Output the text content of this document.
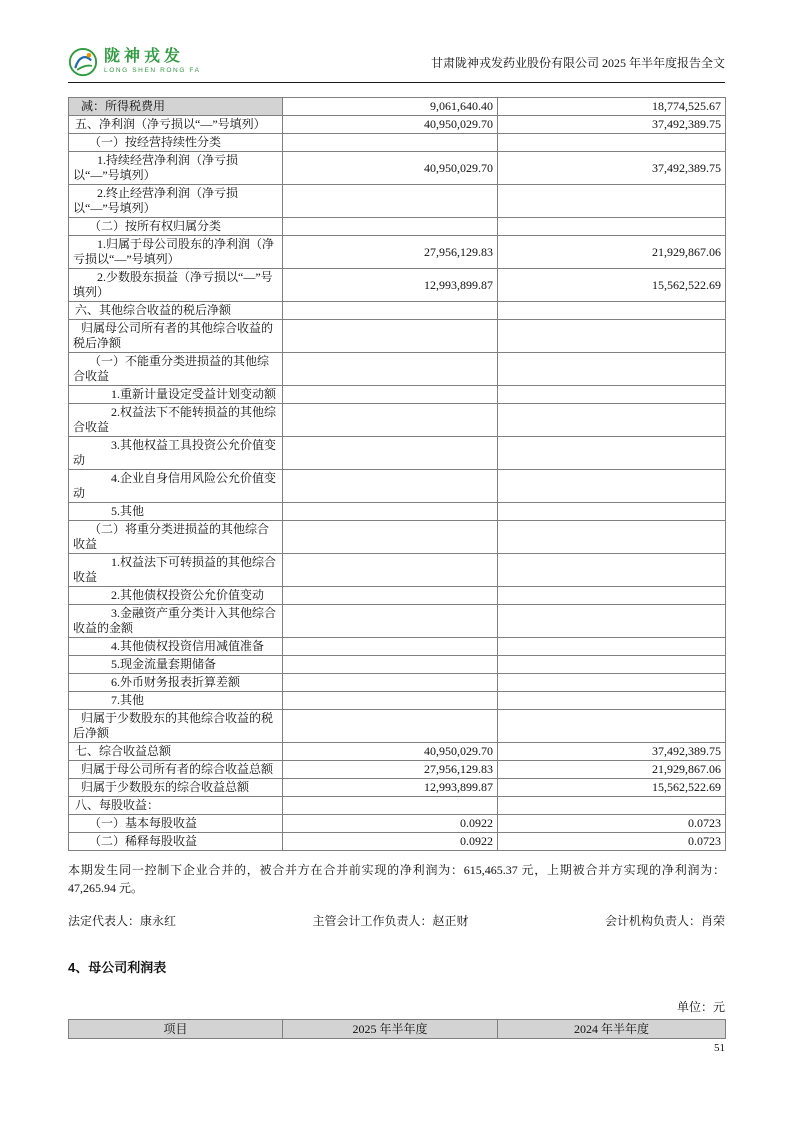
陇神戎发
LONG SHEN RONG FA
甘肃陇神戎发药业股份有限公司 2025 年半年度报告全文
减：所得税费用	9,061,640.40	18,774,525.67
五、净利润（净亏损以“—”号填列）	40,950,029.70	37,492,389.75
（一）按经营持续性分类		
1.持续经营净利润（净亏损以“—”号填列）	40,950,029.70	37,492,389.75
2.终止经营净利润（净亏损以“—”号填列）		
（二）按所有权归属分类		
1.归属于母公司股东的净利润（净亏损以“—”号填列）	27,956,129.83	21,929,867.06
2.少数股东损益（净亏损以“—”号填列）	12,993,899.87	15,562,522.69
六、其他综合收益的税后净额		
归属母公司所有者的其他综合收益的税后净额		
（一）不能重分类进损益的其他综合收益		
1.重新计量设定受益计划变动额		
2.权益法下不能转损益的其他综合收益		
3.其他权益工具投资公允价值变动		
4.企业自身信用风险公允价值变动		
5.其他		
（二）将重分类进损益的其他综合收益		
1.权益法下可转损益的其他综合收益		
2.其他债权投资公允价值变动		
3.金融资产重分类计入其他综合收益的金额		
4.其他债权投资信用减值准备		
5.现金流量套期储备		
6.外币财务报表折算差额		
7.其他		
归属于少数股东的其他综合收益的税后净额		
七、综合收益总额	40,950,029.70	37,492,389.75
归属于母公司所有者的综合收益总额	27,956,129.83	21,929,867.06
归属于少数股东的综合收益总额	12,993,899.87	15,562,522.69
八、每股收益：		
（一）基本每股收益	0.0922	0.0723
（二）稀释每股收益	0.0922	0.0723

本期发生同一控制下企业合并的，被合并方在合并前实现的净利润为：615,465.37 元，上期被合并方实现的净利润为：47,265.94 元。

法定代表人：康永红	主管会计工作负责人：赵正财	会计机构负责人：肖荣
4、母公司利润表
单位：元
项目	2025 年半年度	2024 年半年度
51
